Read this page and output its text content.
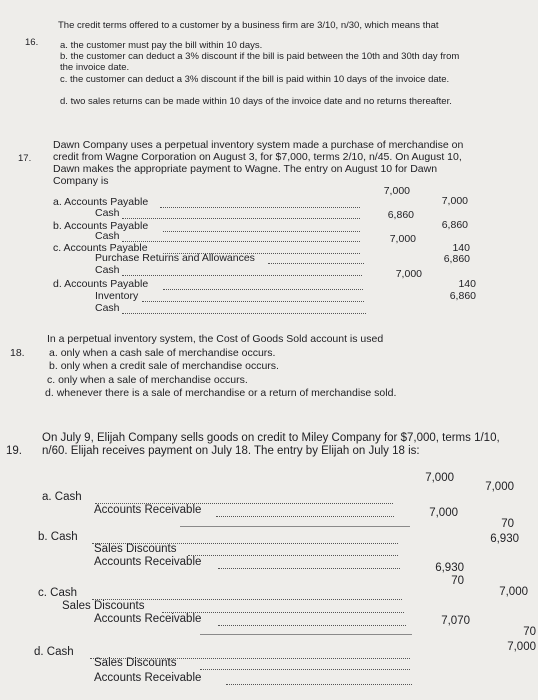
16.
The credit terms offered to a customer by a business firm are 3/10, n/30, which means that
a. the customer must pay the bill within 10 days.
b. the customer can deduct a 3% discount if the bill is paid between the 10th and 30th day from the invoice date.
c. the customer can deduct a 3% discount if the bill is paid within 10 days of the invoice date.
d. two sales returns can be made within 10 days of the invoice date and no returns thereafter.
17.
Dawn Company uses a perpetual inventory system made a purchase of merchandise on credit from Wagne Corporation on August 3, for $7,000, terms 2/10, n/45. On August 10, Dawn makes the appropriate payment to Wagne. The entry on August 10 for Dawn Company is
a. Accounts Payable
7,000
Cash
7,000
b. Accounts Payable
6,860
Cash
6,860
c. Accounts Payable
7,000
Purchase Returns and Allowances
140
Cash
6,860
d. Accounts Payable
7,000
Inventory
140
Cash
6,860
18.
In a perpetual inventory system, the Cost of Goods Sold account is used
a. only when a cash sale of merchandise occurs.
b. only when a credit sale of merchandise occurs.
c. only when a sale of merchandise occurs.
d. whenever there is a sale of merchandise or a return of merchandise sold.
19.
On July 9, Elijah Company sells goods on credit to Miley Company for $7,000, terms 1/10, n/60. Elijah receives payment on July 18. The entry by Elijah on July 18 is:
a. Cash
7,000
Accounts Receivable
7,000
b. Cash
7,000
Sales Discounts
70
Accounts Receivable
6,930
c. Cash
6,930
Sales Discounts
70
Accounts Receivable
7,000
d. Cash
7,070
Sales Discounts
70
Accounts Receivable
7,000
